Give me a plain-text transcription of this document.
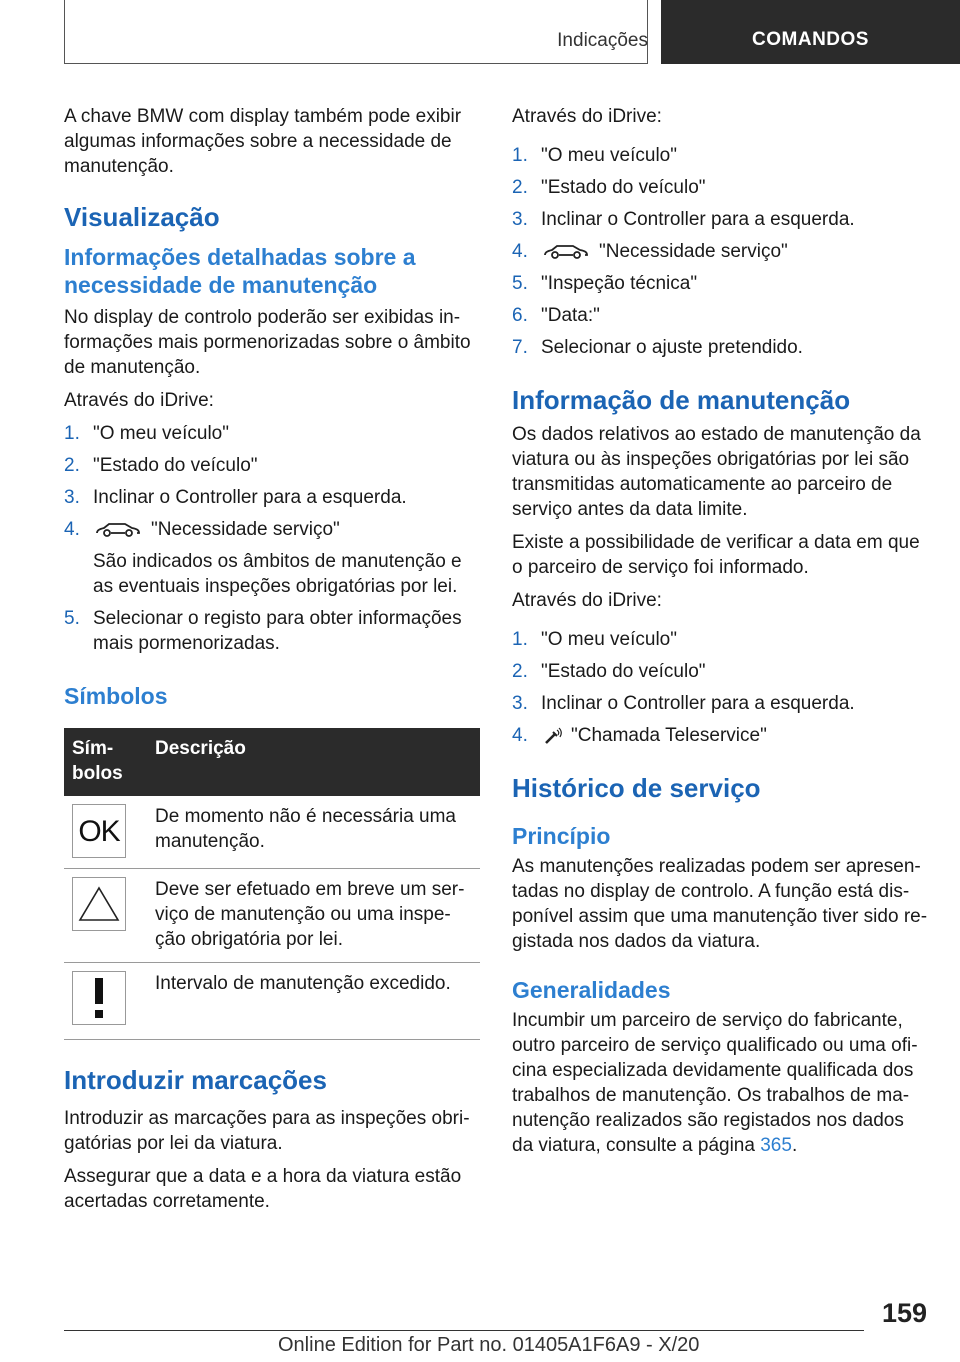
Indicações	COMANDOS

A chave BMW com display também pode exibir algumas informações sobre a necessidade de manutenção.

Visualização
Informações detalhadas sobre a necessidade de manutenção

No display de controlo poderão ser exibidas informações mais pormenorizadas sobre o âmbito de manutenção.

Através do iDrive:

1. "O meu veículo"
2. "Estado do veículo"
3. Inclinar o Controller para a esquerda.
4.	"Necessidade serviço"
São indicados os âmbitos de manutenção e as eventuais inspeções obrigatórias por lei.
5. Selecionar o registo para obter informações mais pormenorizadas.
Símbolos
Símbolos	Descrição

OK	De momento não é necessária uma manutenção.

	Deve ser efetuado em breve um serviço de manutenção ou uma inspeção obrigatória por lei.

	Intervalo de manutenção excedido.
Introduzir marcações

Introduzir as marcações para as inspeções obrigatórias por lei da viatura.

Assegurar que a data e a hora da viatura estão acertadas corretamente.

Através do iDrive:

1. "O meu veículo"
2. "Estado do veículo"
3. Inclinar o Controller para a esquerda.
4.	"Necessidade serviço"
5. "Inspeção técnica"
6. "Data:"
7. Selecionar o ajuste pretendido.
Informação de manutenção

Os dados relativos ao estado de manutenção da viatura ou às inspeções obrigatórias por lei são transmitidas automaticamente ao parceiro de serviço antes da data limite.

Existe a possibilidade de verificar a data em que o parceiro de serviço foi informado.

Através do iDrive:

1. "O meu veículo"
2. "Estado do veículo"
3. Inclinar o Controller para a esquerda.
4. "Chamada Teleservice"
Histórico de serviço
Princípio

As manutenções realizadas podem ser apresentadas no display de controlo. A função está disponível assim que uma manutenção tiver sido registada nos dados da viatura.

Generalidades

Incumbir um parceiro de serviço do fabricante, outro parceiro de serviço qualificado ou uma oficina especializada devidamente qualificada dos trabalhos de manutenção. Os trabalhos de manutenção realizados são registados nos dados da viatura, consulte a página 365.

159
Online Edition for Part no. 01405A1F6A9 - X/20
